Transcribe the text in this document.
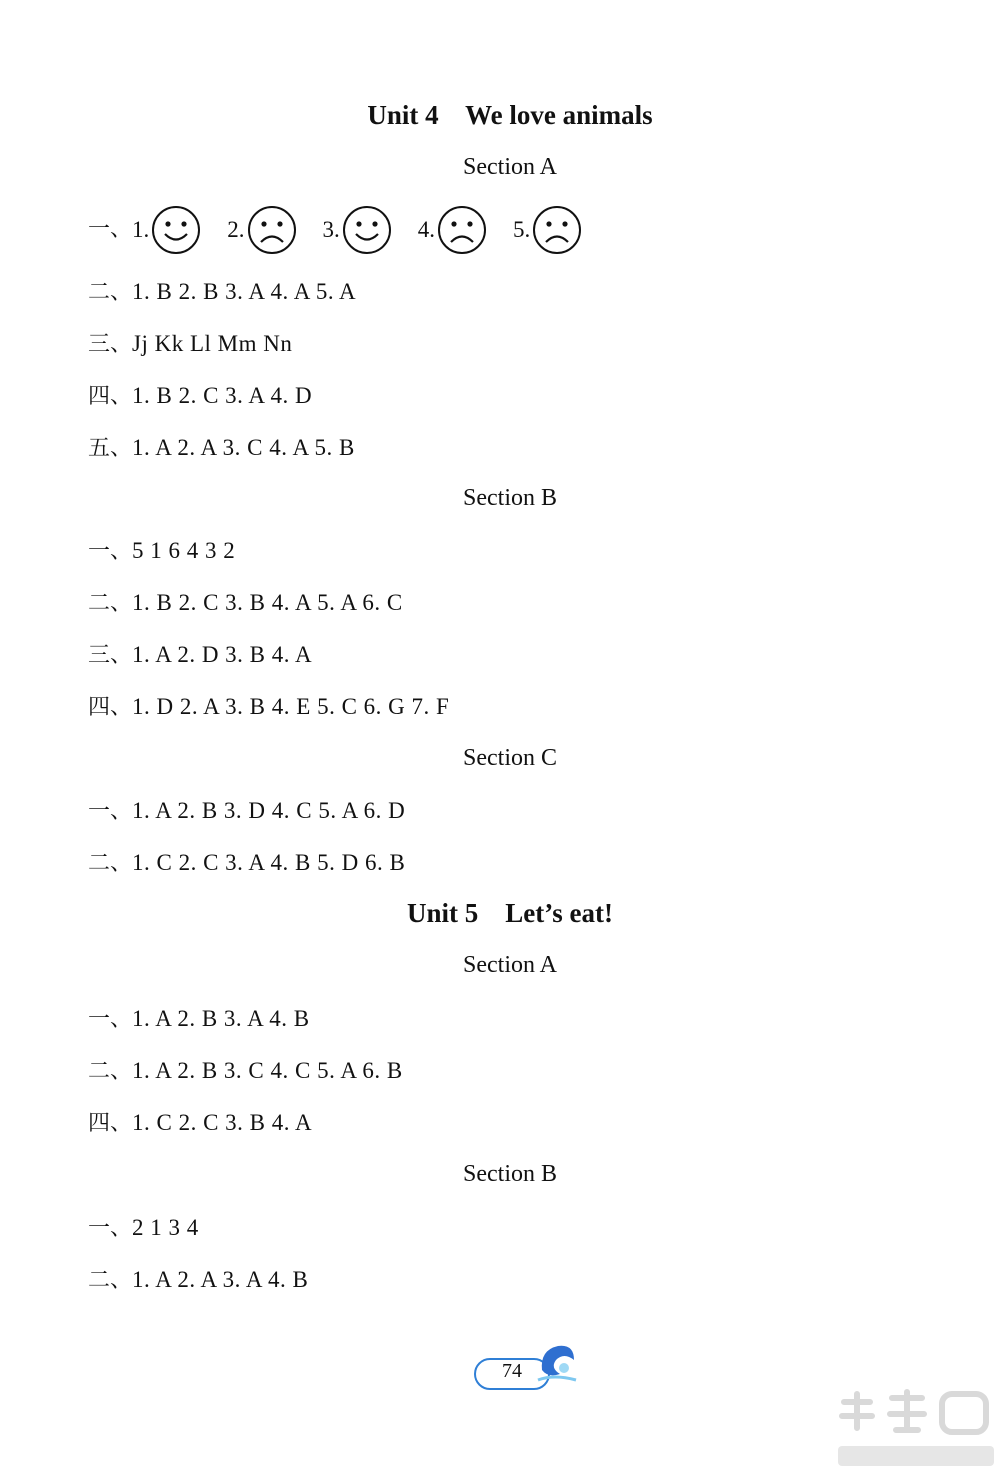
Unit 4    We love animals
Section A
一、 1.	2.	3.	4.	5.
二、1. B 2. B 3. A 4. A 5. A
三、Jj Kk Ll Mm Nn
四、1. B 2. C 3. A 4. D
五、1. A 2. A 3. C 4. A 5. B
Section B
一、5 1 6 4 3 2
二、1. B 2. C 3. B 4. A 5. A 6. C
三、1. A 2. D 3. B 4. A
四、1. D 2. A 3. B 4. E 5. C 6. G 7. F
Section C
一、1. A 2. B 3. D 4. C 5. A 6. D
二、1. C 2. C 3. A 4. B 5. D 6. B
Unit 5    Let’s eat!
Section A
一、1. A 2. B 3. A 4. B
二、1. A 2. B 3. C 4. C 5. A 6. B
四、1. C 2. C 3. B 4. A
Section B
一、2 1 3 4
二、1. A 2. A 3. A 4. B
74
